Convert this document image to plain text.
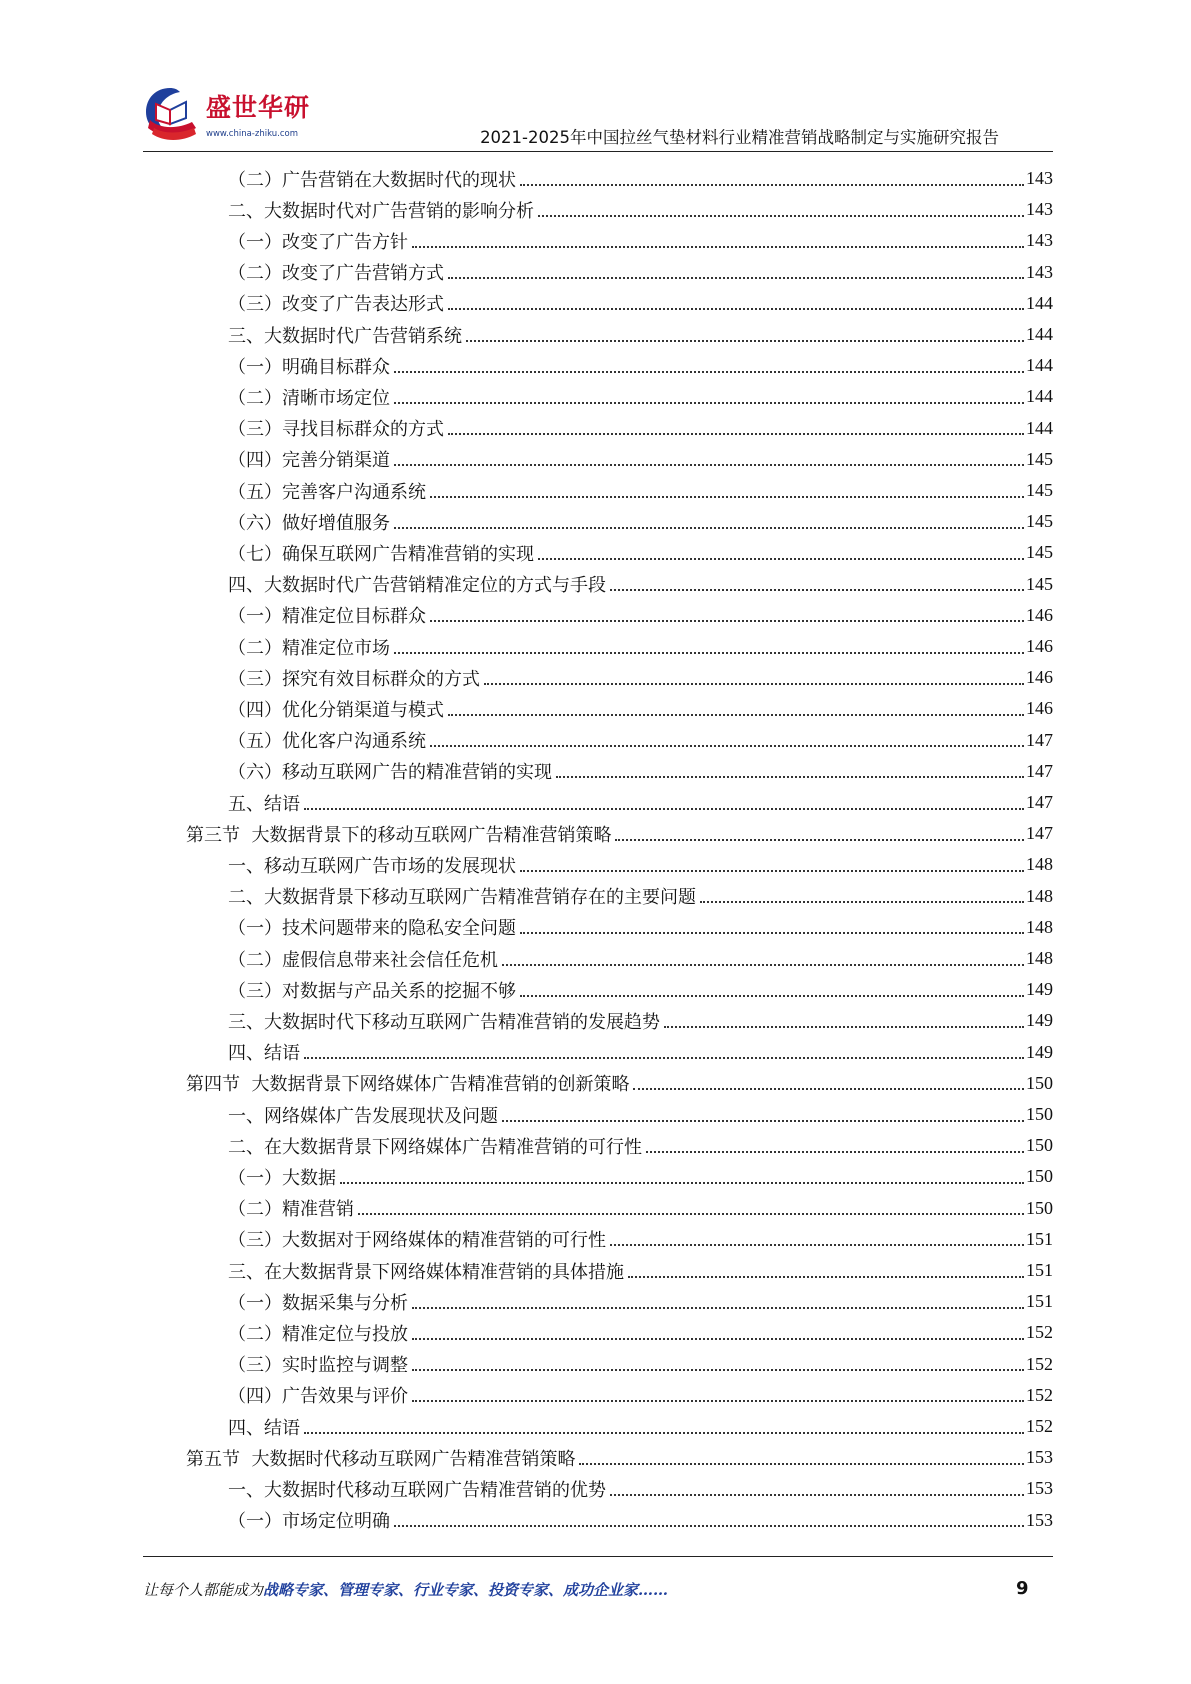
盛世华研
www.china-zhiku.com	2021-2025年中国拉丝气垫材料行业精准营销战略制定与实施研究报告
（二）广告营销在大数据时代的现状	143
二、大数据时代对广告营销的影响分析	143
（一）改变了广告方针	143
（二）改变了广告营销方式	143
（三）改变了广告表达形式	144
三、大数据时代广告营销系统	144
（一）明确目标群众	144
（二）清晰市场定位	144
（三）寻找目标群众的方式	144
（四）完善分销渠道	145
（五）完善客户沟通系统	145
（六）做好增值服务	145
（七）确保互联网广告精准营销的实现	145
四、大数据时代广告营销精准定位的方式与手段	145
（一）精准定位目标群众	146
（二）精准定位市场	146
（三）探究有效目标群众的方式	146
（四）优化分销渠道与模式	146
（五）优化客户沟通系统	147
（六）移动互联网广告的精准营销的实现	147
五、结语	147
第三节  大数据背景下的移动互联网广告精准营销策略	147
一、移动互联网广告市场的发展现状	148
二、大数据背景下移动互联网广告精准营销存在的主要问题	148
（一）技术问题带来的隐私安全问题	148
（二）虚假信息带来社会信任危机	148
（三）对数据与产品关系的挖掘不够	149
三、大数据时代下移动互联网广告精准营销的发展趋势	149
四、结语	149
第四节  大数据背景下网络媒体广告精准营销的创新策略	150
一、网络媒体广告发展现状及问题	150
二、在大数据背景下网络媒体广告精准营销的可行性	150
（一）大数据	150
（二）精准营销	150
（三）大数据对于网络媒体的精准营销的可行性	151
三、在大数据背景下网络媒体精准营销的具体措施	151
（一）数据采集与分析	151
（二）精准定位与投放	152
（三）实时监控与调整	152
（四）广告效果与评价	152
四、结语	152
第五节  大数据时代移动互联网广告精准营销策略	153
一、大数据时代移动互联网广告精准营销的优势	153
（一）市场定位明确	153
让每个人都能成为战略专家、管理专家、行业专家、投资专家、成功企业家……	9
